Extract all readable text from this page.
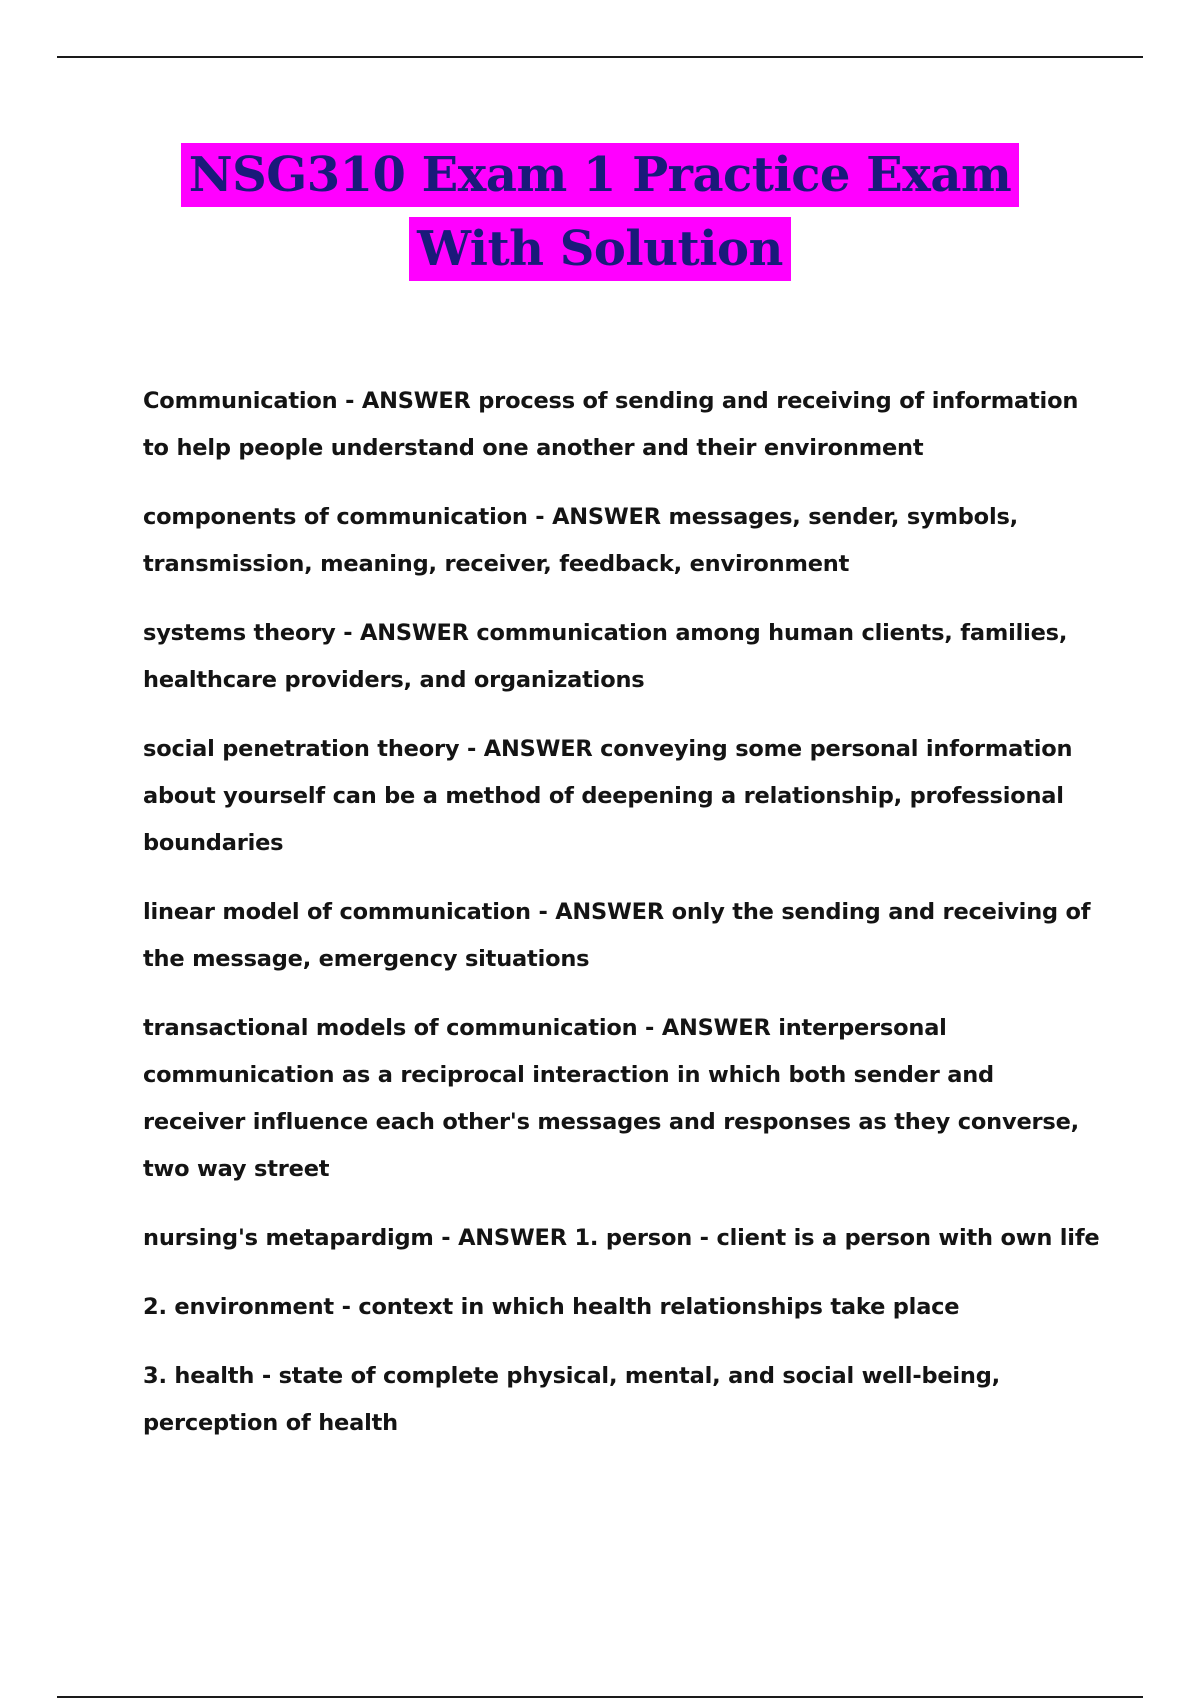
NSG310 Exam 1 Practice Exam
With Solution

Communication - ANSWER process of sending and receiving of information to help people understand one another and their environment

components of communication - ANSWER messages, sender, symbols, transmission, meaning, receiver, feedback, environment

systems theory - ANSWER communication among human clients, families, healthcare providers, and organizations

social penetration theory - ANSWER conveying some personal information about yourself can be a method of deepening a relationship, professional boundaries

linear model of communication - ANSWER only the sending and receiving of the message, emergency situations

transactional models of communication - ANSWER interpersonal communication as a reciprocal interaction in which both sender and receiver influence each other's messages and responses as they converse, two way street

nursing's metapardigm - ANSWER 1. person - client is a person with own life

2. environment - context in which health relationships take place

3. health - state of complete physical, mental, and social well-being, perception of health
